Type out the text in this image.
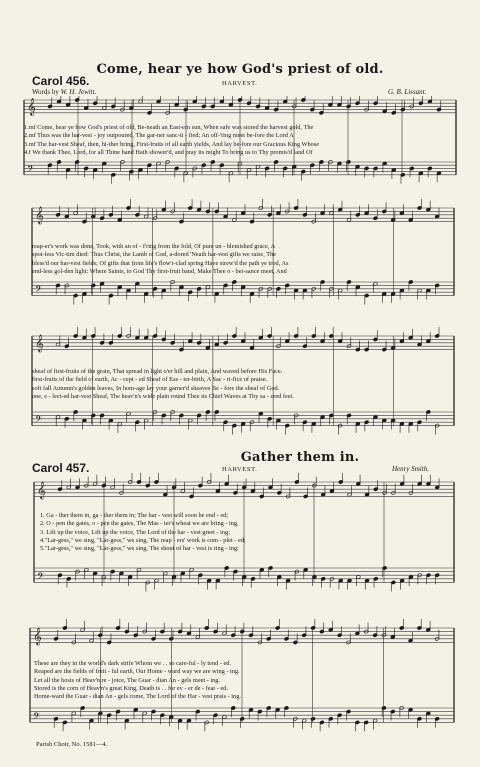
Come, hear ye how God's priest of old.
Carol 456.	HARVEST.
Words by W. H. Jewitt.	G. B. Lissant.
𝄞
𝄢
1.mf Come, hear ye how God's priest of old, Be-neath an East-ern sun, When safe was stored the harvest gold, The
2.mf Thus was the har-vest - joy outpoured, The gar-ner sanc-ti - fied; An off-'ring meet be-fore the Lord A
3.mf The har-vest Sheaf, then, hi-ther bring, First-fruits of all earth yields, And lay be-fore our Gracious King Whose
4.f We thank Thee, Lord, for all Thine hand Hath shower'd, and pray its might To bring us to Thy promis'd land Of
𝄞
𝄢
reap-er's work was done, Took, with an of - f'ring from the fold, Of pure un - blemished grace, A
spot-less Vic-tim died: Thus Christ, the Lamb of God, a-dored 'Neath har-vest gifts we raise, The
bless'd our har-vest fields; Of gifts that from life's flow'r-clad spring Have strew'd the path ye trod, As
end-less gol-den light: Where Saints, to God Thy first-fruit band, Make Thee o - bei-sance meet, And
𝄞
𝄢
sheaf of first-fruits of the grain, That spread in light o'er hill and plain, And waved before His Face.
first-fruits of the field of earth, Ac - cept - ed Sheaf of Eas - ter-birth, A Sac - ri-fice of praise.
soft fall Autumn's golden leaves, In hom-age lay your garner'd sheaves Be - fore the sheaf of God.
one, e - lect-ed har-vest Sheaf, The heav'n's wide plain round Thee its Chief Waves at Thy sa - cred feet.
Gather them in.
Carol 457.	HARVEST.	Henry Smith.
𝄞
𝄢
1. Ga - ther them in, ga - ther them in; The har - vest will soon be end - ed;
2. O - pen the gates, o - pen the gates, The Mas - ter's wheat we are bring - ing,
3. Lift up the voice, Lift up the voice, The Lord of the har - vest greet - ing;
4."Lar-gess," we sing, "Lar-gess," we sing, The reap - ers' work is com - plet - ed;
5."Lar-gess," we sing, "Lar-gess," we sing, The shout of har - vest is ring - ing;
𝄞
𝄢
These are they in the world's dark strife Whom we . . so care-ful - ly tend - ed.
Reaped are the fields of fruit - ful earth, Our Home - ward way we are wing - ing.
Let all the hosts of Heav'n re - joice, The Guar - dian An - gels meet - ing.
Stored is the corn of Heav'n's great King, Death is . . for ev - er de - feat - ed.
Home-ward the Guar - dian An - gels come, The Lord of the Har - vest prais - ing.
Parish Choir, No. 1581—4.
